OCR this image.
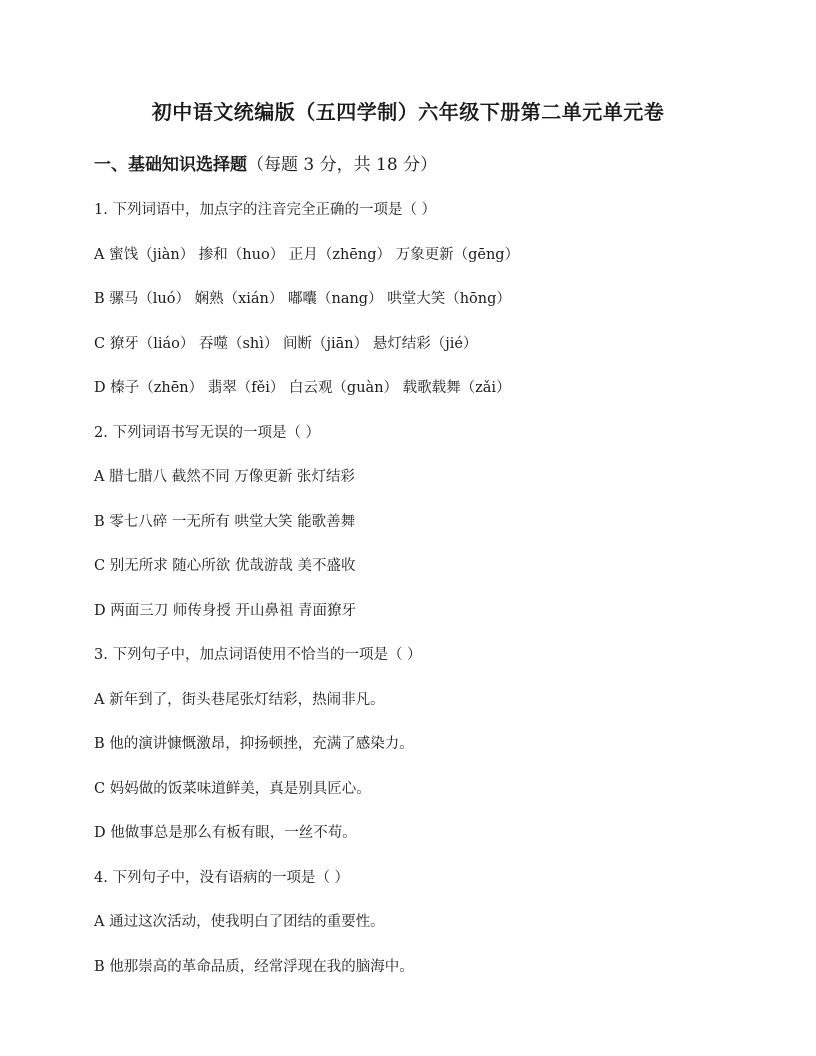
初中语文统编版（五四学制）六年级下册第二单元单元卷
一、基础知识选择题（每题 3 分，共 18 分）
1. 下列词语中，加点字的注音完全正确的一项是（ ）
A 蜜饯（jiàn） 掺和（huo） 正月（zhēng） 万象更新（gēng）
B 骡马（luó） 娴熟（xián） 嘟囔（nang） 哄堂大笑（hōng）
C 獠牙（liáo） 吞噬（shì） 间断（jiān） 悬灯结彩（jié）
D 榛子（zhēn） 翡翠（fěi） 白云观（guàn） 载歌载舞（zǎi）
2. 下列词语书写无误的一项是（ ）
A 腊七腊八 截然不同 万像更新 张灯结彩
B 零七八碎 一无所有 哄堂大笑 能歌善舞
C 别无所求 随心所欲 优哉游哉 美不盛收
D 两面三刀 师传身授 开山鼻祖 青面獠牙
3. 下列句子中，加点词语使用不恰当的一项是（ ）
A 新年到了，街头巷尾张灯结彩，热闹非凡。
B 他的演讲慷慨激昂，抑扬顿挫，充满了感染力。
C 妈妈做的饭菜味道鲜美，真是别具匠心。
D 他做事总是那么有板有眼，一丝不苟。
4. 下列句子中，没有语病的一项是（ ）
A 通过这次活动，使我明白了团结的重要性。
B 他那崇高的革命品质，经常浮现在我的脑海中。
